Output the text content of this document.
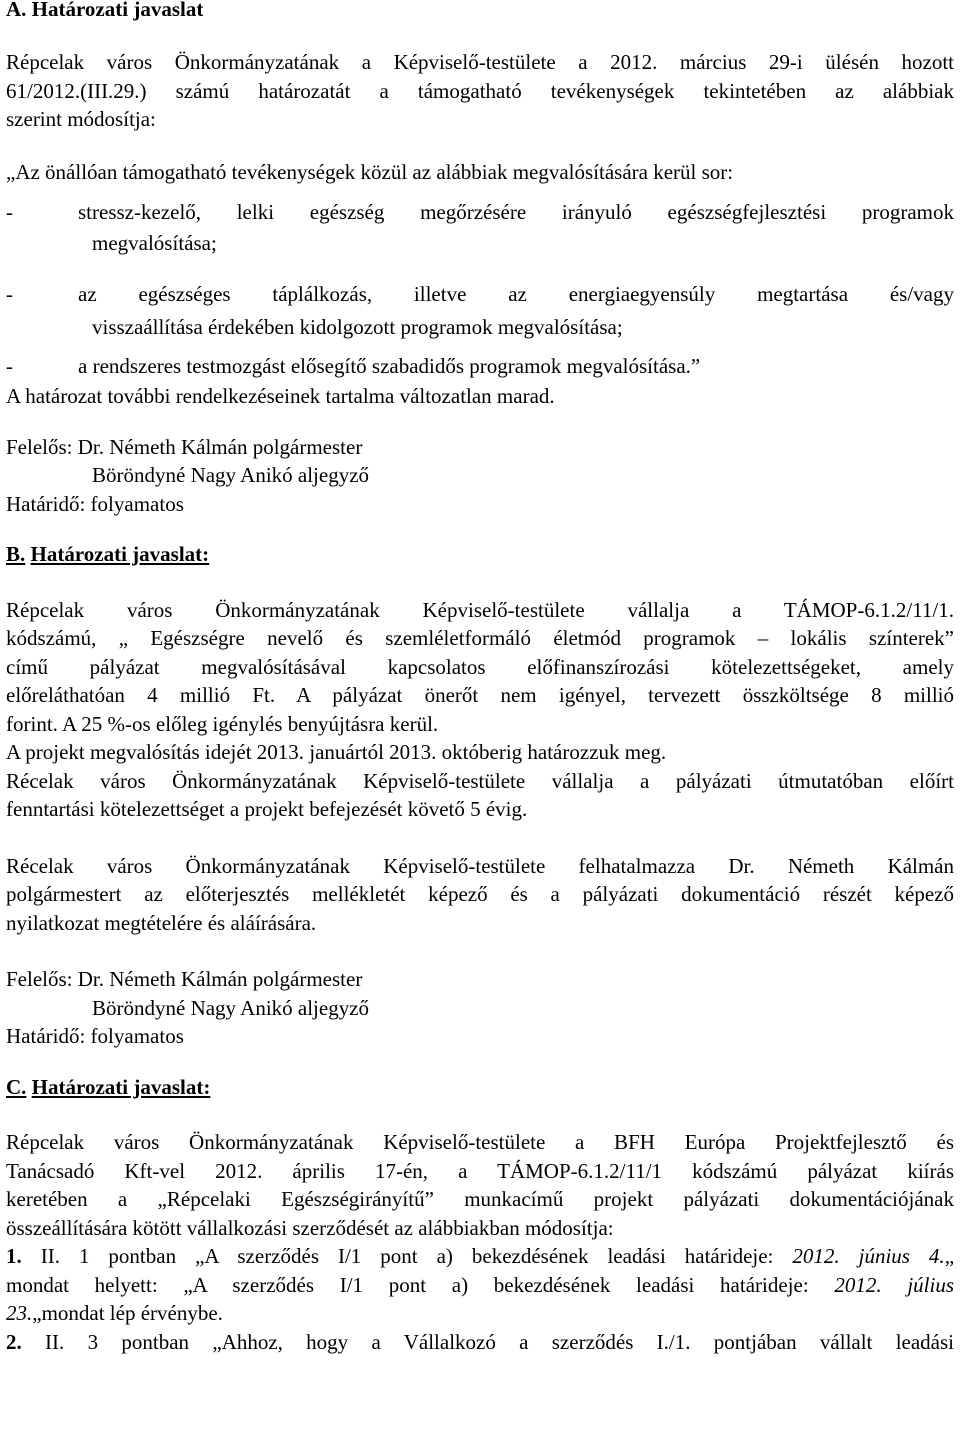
A. Határozati javaslat
Répcelak város Önkormányzatának a Képviselő-testülete a 2012. március 29-i ülésén hozott
61/2012.(III.29.) számú határozatát a támogatható tevékenységek tekintetében az alábbiak
szerint módosítja:
„Az önállóan támogatható tevékenységek közül az alábbiak megvalósítására kerül sor:
-	stressz-kezelő, lelki egészség megőrzésére irányuló egészségfejlesztési programok
megvalósítása;
-	az egészséges táplálkozás, illetve az energiaegyensúly megtartása és/vagy
visszaállítása érdekében kidolgozott programok megvalósítása;
-	a rendszeres testmozgást elősegítő szabadidős programok megvalósítása.”
A határozat további rendelkezéseinek tartalma változatlan marad.
Felelős: Dr. Németh Kálmán polgármester
Böröndyné Nagy Anikó aljegyző
Határidő: folyamatos
B. Határozati javaslat:
Répcelak város Önkormányzatának Képviselő-testülete vállalja a TÁMOP-6.1.2/11/1.
kódszámú, „ Egészségre nevelő és szemléletformáló életmód programok – lokális színterek”
című pályázat megvalósításával kapcsolatos előfinanszírozási kötelezettségeket, amely
előreláthatóan 4 millió Ft. A pályázat önerőt nem igényel, tervezett összköltsége 8 millió
forint. A 25 %-os előleg igénylés benyújtásra kerül.
A projekt megvalósítás idejét 2013. januártól 2013. októberig határozzuk meg.
Récelak város Önkormányzatának Képviselő-testülete vállalja a pályázati útmutatóban előírt
fenntartási kötelezettséget a projekt befejezését követő 5 évig.
Récelak város Önkormányzatának Képviselő-testülete felhatalmazza Dr. Németh Kálmán
polgármestert az előterjesztés mellékletét képező és a pályázati dokumentáció részét képező
nyilatkozat megtételére és aláírására.
Felelős: Dr. Németh Kálmán polgármester
Böröndyné Nagy Anikó aljegyző
Határidő: folyamatos
C. Határozati javaslat:
Répcelak város Önkormányzatának Képviselő-testülete a BFH Európa Projektfejlesztő és
Tanácsadó Kft-vel 2012. április 17-én, a TÁMOP-6.1.2/11/1 kódszámú pályázat kiírás
keretében a „Répcelaki Egészségirányítű” munkacímű projekt pályázati dokumentációjának
összeállítására kötött vállalkozási szerződését az alábbiakban módosítja:
1. II. 1 pontban „A szerződés I/1 pont a) bekezdésének leadási határideje: 2012. június 4.„
mondat helyett: „A szerződés I/1 pont a) bekezdésének leadási határideje: 2012. július
23.„mondat lép érvénybe.
2. II. 3 pontban „Ahhoz, hogy a Vállalkozó a szerződés I./1. pontjában vállalt leadási
